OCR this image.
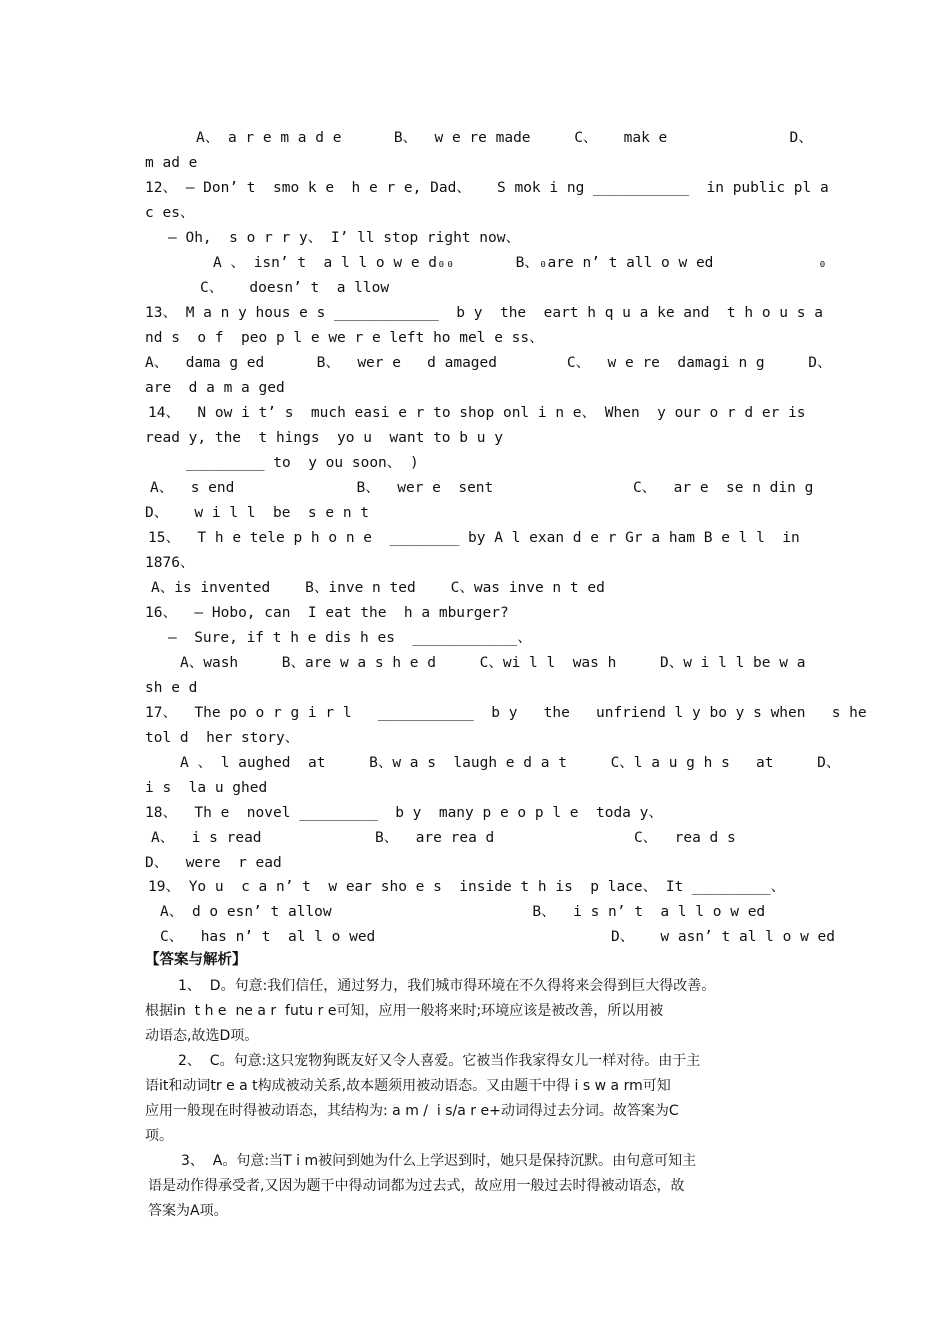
A、 a r e m a d e      B、  w e re made     C、   mak e              D、
m ad e
12、 — Don’ t  smo k e  h e r e, Dad、   S mok i ng ___________  in public pl a
c es、
— Oh,  s o r r y、 I’ ll stop right now、
A 、 isn’ t  a l l o w e d₀₀       B、₀are n’ t all o w ed            ₀
C、   doesn’ t  a llow
13、 M a n y hous e s ____________  b y  the  eart h q u a ke and  t h o u s a
nd s  o f  peo p l e we r e left ho mel e ss、
A、  dama g ed      B、  wer e   d amaged        C、  w e re  damagi n g     D、
are  d a m a ged
14、  N ow i t’ s  much easi e r to shop onl i n e、 When  y our o r d er is
read y, the  t hings  yo u  want to b u y
_________ to  y ou soon、 )
A、  s end              B、  wer e  sent                C、  ar e  se n din g
D、   w i l l  be  s e n t
15、  T h e tele p h o n e  ________ by A l exan d e r Gr a ham B e l l  in
1876、
A、is invented    B、inve n ted    C、was inve n t ed
16、  — Hobo, can  I eat the  h a mburger?
—  Sure, if t h e dis h es  ____________、
A、wash     B、are w a s h e d     C、wi l l  was h     D、w i l l be w a
sh e d
17、  The po o r g i r l   ___________  b y   the   unfriend l y bo y s when   s he
tol d  her story、
A 、 l aughed  at     B、w a s  laugh e d a t     C、l a u g h s   at     D、
i s  la u ghed
18、  Th e  novel _________  b y  many p e o p l e  toda y、
A、  i s read             B、  are rea d                C、  rea d s
D、  were  r ead
19、 Yo u  c a n’ t  w ear sho e s  inside t h is  p lace、 It _________、
A、 d o esn’ t allow                       B、  i s n’ t  a l l o w ed
C、  has n’ t  al l o wed                           D、   w asn’ t al l o w ed
【答案与解析】
1、  D。句意:我们信任，通过努力，我们城市得环境在不久得将来会得到巨大得改善。
根据in  t h e  ne a r  futu r e可知，应用一般将来时;环境应该是被改善，所以用被
动语态,故选D项。
2、  C。句意:这只宠物狗既友好又令人喜爱。它被当作我家得女儿一样对待。由于主
语it和动词tr e a t构成被动关系,故本题须用被动语态。又由题干中得 i s w a rm可知
应用一般现在时得被动语态，其结构为: a m /  i s/a r e+动词得过去分词。故答案为C
项。
3、  A。句意:当T i m被问到她为什么上学迟到时，她只是保持沉默。由句意可知主
语是动作得承受者,又因为题干中得动词都为过去式，故应用一般过去时得被动语态，故
答案为A项。
